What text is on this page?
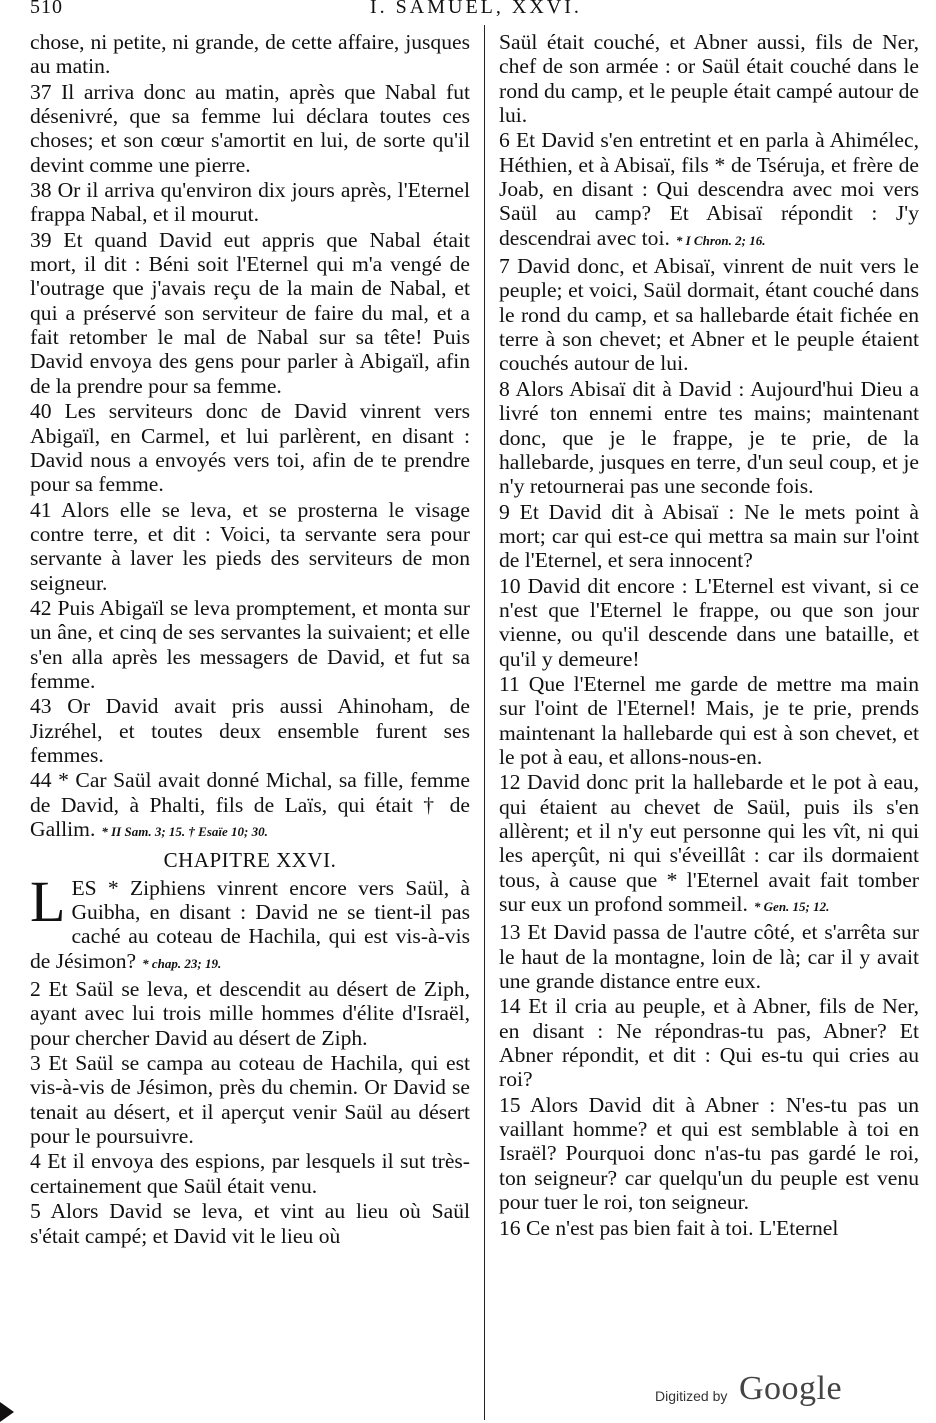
510	I. SAMUEL, XXVI.

chose, ni petite, ni grande, de cette affaire, jusques au matin.

37 Il arriva donc au matin, après que Nabal fut désenivré, que sa femme lui déclara toutes ces choses; et son cœur s'amortit en lui, de sorte qu'il devint comme une pierre.

38 Or il arriva qu'environ dix jours après, l'Eternel frappa Nabal, et il mourut.

39 Et quand David eut appris que Nabal était mort, il dit : Béni soit l'Eternel qui m'a vengé de l'outrage que j'avais reçu de la main de Nabal, et qui a préservé son serviteur de faire du mal, et a fait retomber le mal de Nabal sur sa tête! Puis David envoya des gens pour parler à Abigaïl, afin de la prendre pour sa femme.

40 Les serviteurs donc de David vinrent vers Abigaïl, en Carmel, et lui parlèrent, en disant : David nous a envoyés vers toi, afin de te prendre pour sa femme.

41 Alors elle se leva, et se prosterna le visage contre terre, et dit : Voici, ta servante sera pour servante à laver les pieds des serviteurs de mon seigneur.

42 Puis Abigaïl se leva promptement, et monta sur un âne, et cinq de ses servantes la suivaient; et elle s'en alla après les messagers de David, et fut sa femme.

43 Or David avait pris aussi Ahinoham, de Jizréhel, et toutes deux ensemble furent ses femmes.

44 * Car Saül avait donné Michal, sa fille, femme de David, à Phalti, fils de Laïs, qui était † de Gallim. * II Sam. 3; 15. † Esaïe 10; 30.

CHAPITRE XXVI.

LES * Ziphiens vinrent encore vers Saül, à Guibha, en disant : David ne se tient-il pas caché au coteau de Hachila, qui est vis-à-vis de Jésimon? * chap. 23; 19.

2 Et Saül se leva, et descendit au désert de Ziph, ayant avec lui trois mille hommes d'élite d'Israël, pour chercher David au désert de Ziph.

3 Et Saül se campa au coteau de Hachila, qui est vis-à-vis de Jésimon, près du chemin. Or David se tenait au désert, et il aperçut venir Saül au désert pour le poursuivre.

4 Et il envoya des espions, par lesquels il sut très-certainement que Saül était venu.

5 Alors David se leva, et vint au lieu où Saül s'était campé; et David vit le lieu où

Saül était couché, et Abner aussi, fils de Ner, chef de son armée : or Saül était couché dans le rond du camp, et le peuple était campé autour de lui.

6 Et David s'en entretint et en parla à Ahimélec, Héthien, et à Abisaï, fils * de Tséruja, et frère de Joab, en disant : Qui descendra avec moi vers Saül au camp? Et Abisaï répondit : J'y descendrai avec toi. * I Chron. 2; 16.

7 David donc, et Abisaï, vinrent de nuit vers le peuple; et voici, Saül dormait, étant couché dans le rond du camp, et sa hallebarde était fichée en terre à son chevet; et Abner et le peuple étaient couchés autour de lui.

8 Alors Abisaï dit à David : Aujourd'hui Dieu a livré ton ennemi entre tes mains; maintenant donc, que je le frappe, je te prie, de la hallebarde, jusques en terre, d'un seul coup, et je n'y retournerai pas une seconde fois.

9 Et David dit à Abisaï : Ne le mets point à mort; car qui est-ce qui mettra sa main sur l'oint de l'Eternel, et sera innocent?

10 David dit encore : L'Eternel est vivant, si ce n'est que l'Eternel le frappe, ou que son jour vienne, ou qu'il descende dans une bataille, et qu'il y demeure!

11 Que l'Eternel me garde de mettre ma main sur l'oint de l'Eternel! Mais, je te prie, prends maintenant la hallebarde qui est à son chevet, et le pot à eau, et allons-nous-en.

12 David donc prit la hallebarde et le pot à eau, qui étaient au chevet de Saül, puis ils s'en allèrent; et il n'y eut personne qui les vît, ni qui les aperçût, ni qui s'éveillât : car ils dormaient tous, à cause que * l'Eternel avait fait tomber sur eux un profond sommeil. * Gen. 15; 12.

13 Et David passa de l'autre côté, et s'arrêta sur le haut de la montagne, loin de là; car il y avait une grande distance entre eux.

14 Et il cria au peuple, et à Abner, fils de Ner, en disant : Ne répondras-tu pas, Abner? Et Abner répondit, et dit : Qui es-tu qui cries au roi?

15 Alors David dit à Abner : N'es-tu pas un vaillant homme? et qui est semblable à toi en Israël? Pourquoi donc n'as-tu pas gardé le roi, ton seigneur? car quelqu'un du peuple est venu pour tuer le roi, ton seigneur.

16 Ce n'est pas bien fait à toi. L'Eternel

Digitized by Google
